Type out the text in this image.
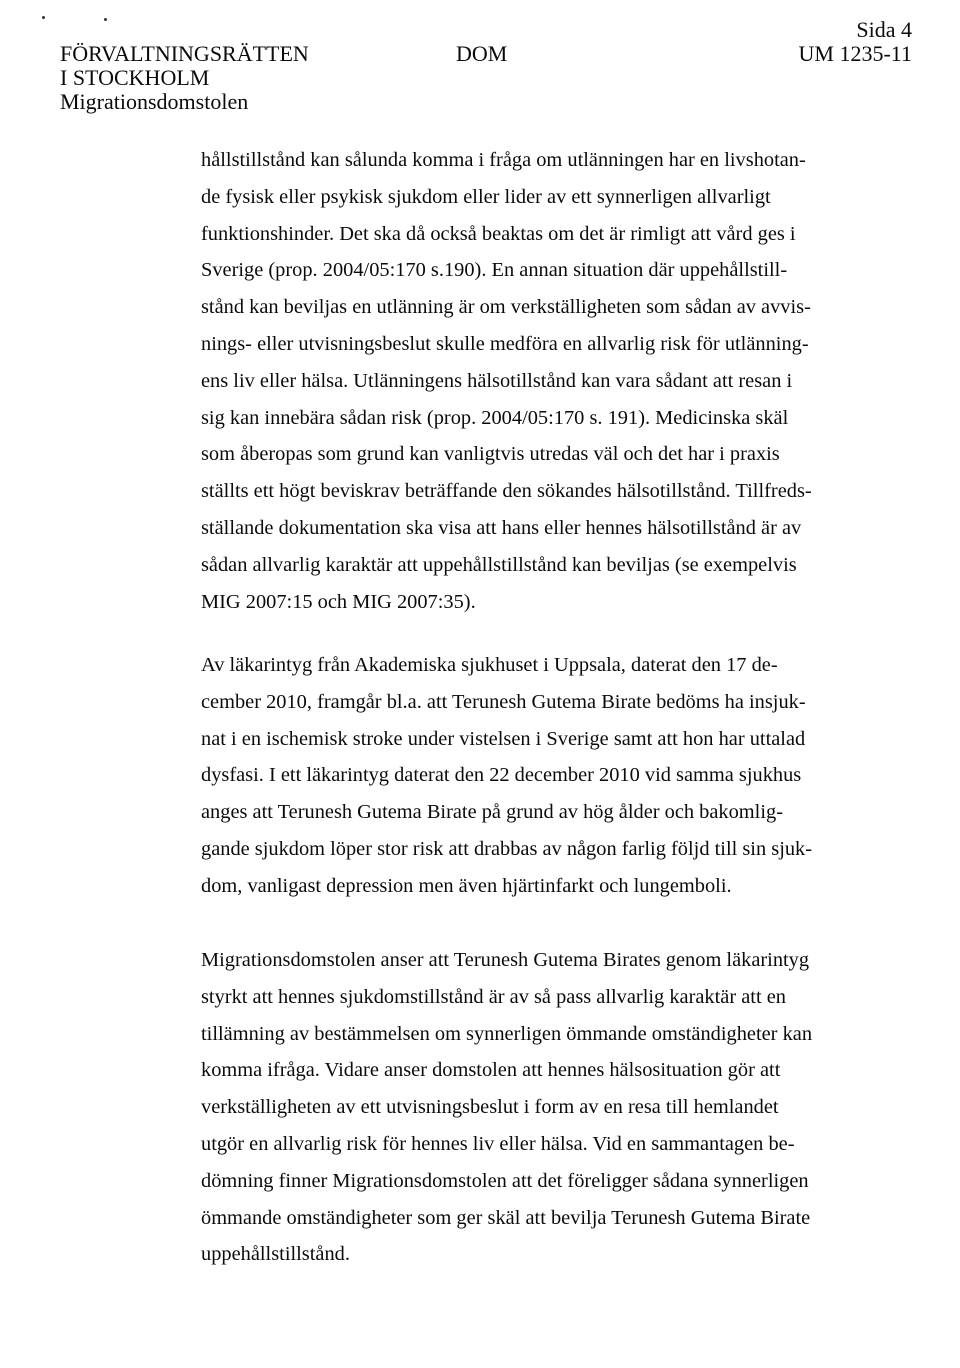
FÖRVALTNINGSRÄTTEN
I STOCKHOLM
Migrationsdomstolen
DOM
Sida 4
UM 1235-11

hållstillstånd kan sålunda komma i fråga om utlänningen har en livshotan-

de fysisk eller psykisk sjukdom eller lider av ett synnerligen allvarligt

funktionshinder. Det ska då också beaktas om det är rimligt att vård ges i

Sverige (prop. 2004/05:170 s.190). En annan situation där uppehållstill-

stånd kan beviljas en utlänning är om verkställigheten som sådan av avvis-

nings- eller utvisningsbeslut skulle medföra en allvarlig risk för utlänning-

ens liv eller hälsa. Utlänningens hälsotillstånd kan vara sådant att resan i

sig kan innebära sådan risk (prop. 2004/05:170 s. 191). Medicinska skäl

som åberopas som grund kan vanligtvis utredas väl och det har i praxis

ställts ett högt beviskrav beträffande den sökandes hälsotillstånd. Tillfreds-

ställande dokumentation ska visa att hans eller hennes hälsotillstånd är av

sådan allvarlig karaktär att uppehållstillstånd kan beviljas (se exempelvis

MIG 2007:15 och MIG 2007:35).

Av läkarintyg från Akademiska sjukhuset i Uppsala, daterat den 17 de-

cember 2010, framgår bl.a. att Terunesh Gutema Birate bedöms ha insjuk-

nat i en ischemisk stroke under vistelsen i Sverige samt att hon har uttalad

dysfasi. I ett läkarintyg daterat den 22 december 2010 vid samma sjukhus

anges att Terunesh Gutema Birate på grund av hög ålder och bakomlig-

gande sjukdom löper stor risk att drabbas av någon farlig följd till sin sjuk-

dom, vanligast depression men även hjärtinfarkt och lungemboli.

Migrationsdomstolen anser att Terunesh Gutema Birates genom läkarintyg

styrkt att hennes sjukdomstillstånd är av så pass allvarlig karaktär att en

tillämning av bestämmelsen om synnerligen ömmande omständigheter kan

komma ifråga. Vidare anser domstolen att hennes hälsosituation gör att

verkställigheten av ett utvisningsbeslut i form av en resa till hemlandet

utgör en allvarlig risk för hennes liv eller hälsa. Vid en sammantagen be-

dömning finner Migrationsdomstolen att det föreligger sådana synnerligen

ömmande omständigheter som ger skäl att bevilja Terunesh Gutema Birate

uppehållstillstånd.
